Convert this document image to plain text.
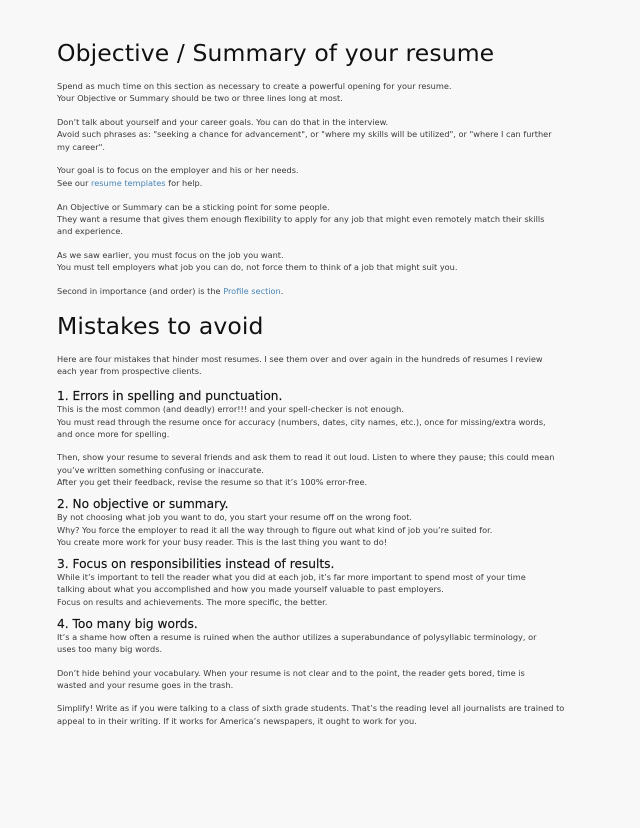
Objective / Summary of your resume

Spend as much time on this section as necessary to create a powerful opening for your resume.

Your Objective or Summary should be two or three lines long at most.

Don’t talk about yourself and your career goals. You can do that in the interview.

Avoid such phrases as: "seeking a chance for advancement", or "where my skills will be utilized", or "where I can further

my career".

Your goal is to focus on the employer and his or her needs.

See our resume templates for help.

An Objective or Summary can be a sticking point for some people.

They want a resume that gives them enough flexibility to apply for any job that might even remotely match their skills

and experience.

As we saw earlier, you must focus on the job you want.

You must tell employers what job you can do, not force them to think of a job that might suit you.

Second in importance (and order) is the Profile section.

Mistakes to avoid

Here are four mistakes that hinder most resumes. I see them over and over again in the hundreds of resumes I review

each year from prospective clients.

1. Errors in spelling and punctuation.

This is the most common (and deadly) error!!! and your spell-checker is not enough.

You must read through the resume once for accuracy (numbers, dates, city names, etc.), once for missing/extra words,

and once more for spelling.

Then, show your resume to several friends and ask them to read it out loud. Listen to where they pause; this could mean

you’ve written something confusing or inaccurate.

After you get their feedback, revise the resume so that it’s 100% error-free.

2. No objective or summary.

By not choosing what job you want to do, you start your resume off on the wrong foot.

Why? You force the employer to read it all the way through to figure out what kind of job you’re suited for.

You create more work for your busy reader. This is the last thing you want to do!

3. Focus on responsibilities instead of results.

While it’s important to tell the reader what you did at each job, it’s far more important to spend most of your time

talking about what you accomplished and how you made yourself valuable to past employers.

Focus on results and achievements. The more specific, the better.

4. Too many big words.

It’s a shame how often a resume is ruined when the author utilizes a superabundance of polysyllabic terminology, or

uses too many big words.

Don’t hide behind your vocabulary. When your resume is not clear and to the point, the reader gets bored, time is

wasted and your resume goes in the trash.

Simplify! Write as if you were talking to a class of sixth grade students. That’s the reading level all journalists are trained to

appeal to in their writing. If it works for America’s newspapers, it ought to work for you.
